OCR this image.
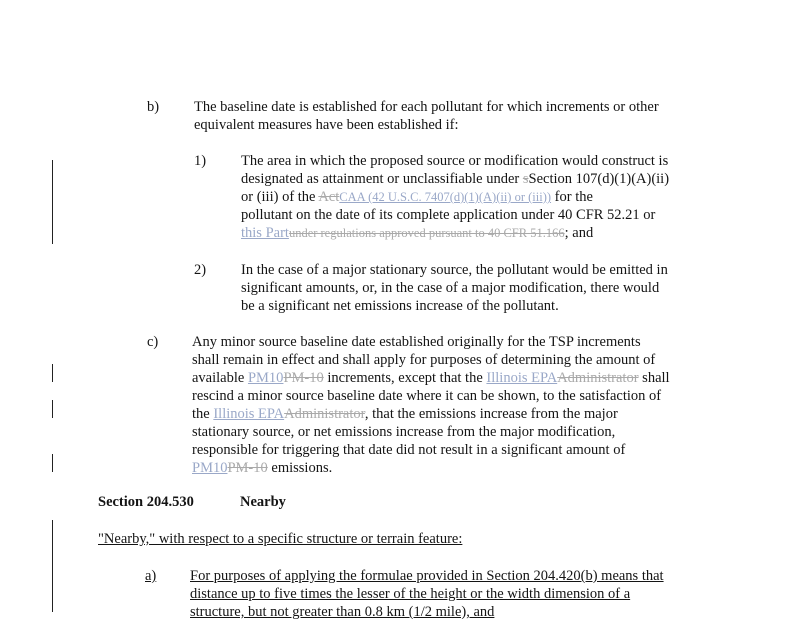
b) The baseline date is established for each pollutant for which increments or other
equivalent measures have been established if:
1) The area in which the proposed source or modification would construct is
designated as attainment or unclassifiable under sSection 107(d)(1)(A)(ii)
or (iii) of the ActCAA (42 U.S.C. 7407(d)(1)(A)(ii) or (iii)) for the
pollutant on the date of its complete application under 40 CFR 52.21 or
this Partunder regulations approved pursuant to 40 CFR 51.166; and
2) In the case of a major stationary source, the pollutant would be emitted in
significant amounts, or, in the case of a major modification, there would
be a significant net emissions increase of the pollutant.
c) Any minor source baseline date established originally for the TSP increments
shall remain in effect and shall apply for purposes of determining the amount of
available PM10PM-10 increments, except that the Illinois EPAAdministrator shall
rescind a minor source baseline date where it can be shown, to the satisfaction of
the Illinois EPAAdministrator, that the emissions increase from the major
stationary source, or net emissions increase from the major modification,
responsible for triggering that date did not result in a significant amount of
PM10PM-10 emissions.
Section 204.530	Nearby
"Nearby," with respect to a specific structure or terrain feature:
a) For purposes of applying the formulae provided in Section 204.420(b) means that
distance up to five times the lesser of the height or the width dimension of a
structure, but not greater than 0.8 km (1/2 mile), and
